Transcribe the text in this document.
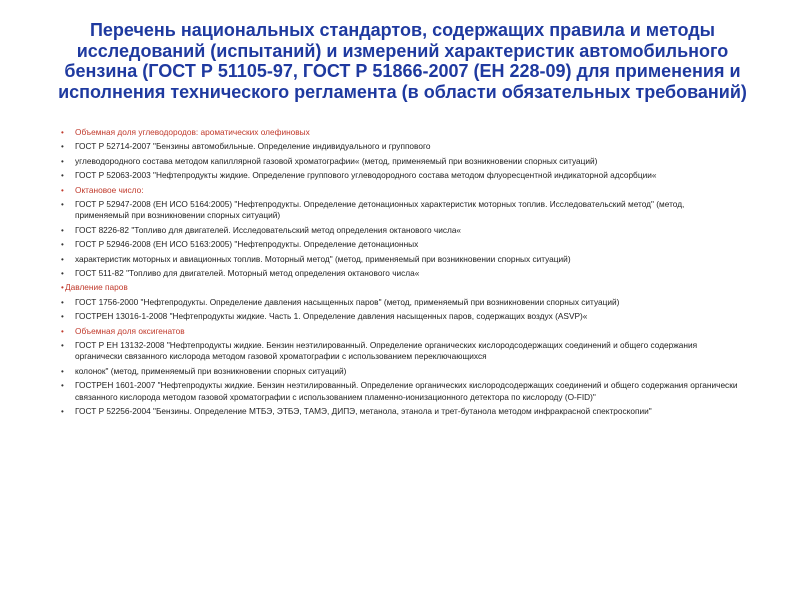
Перечень национальных стандартов, содержащих правила и методы исследований (испытаний) и измерений характеристик автомобильного бензина (ГОСТ Р 51105-97, ГОСТ Р 51866-2007 (ЕН 228-09) для применения и исполнения технического регламента (в области обязательных требований)
• Объемная доля углеводородов: ароматических олефиновых
• ГОСТ Р 52714-2007 "Бензины автомобильные. Определение индивидуального и группового
• углеводородного состава методом капиллярной газовой хроматографии« (метод, применяемый при возникновении спорных ситуаций)
• ГОСТ Р 52063-2003 "Нефтепродукты жидкие. Определение группового углеводородного состава методом флуоресцентной индикаторной адсорбции«
• Октановое число:
• ГОСТ Р 52947-2008 (ЕН ИСО 5164:2005) "Нефтепродукты. Определение детонационных характеристик моторных топлив. Исследовательский метод" (метод, применяемый при возникновении спорных ситуаций)
• ГОСТ 8226-82 "Топливо для двигателей. Исследовательский метод определения октанового числа«
• ГОСТ Р 52946-2008 (ЕН ИСО 5163:2005) "Нефтепродукты. Определение детонационных
• характеристик моторных и авиационных топлив. Моторный метод" (метод, применяемый при возникновении спорных ситуаций)
• ГОСТ 511-82 "Топливо для двигателей. Моторный метод определения октанового числа«
• Давление паров
• ГОСТ 1756-2000 "Нефтепродукты. Определение давления насыщенных паров" (метод, применяемый при возникновении спорных ситуаций)
• ГОСТРЕН 13016-1-2008 "Нефтепродукты жидкие. Часть 1. Определение давления насыщенных паров, содержащих воздух (ASVP)«
• Объемная доля оксигенатов
• ГОСТ Р ЕН 13132-2008 "Нефтепродукты жидкие. Бензин неэтилированный. Определение органических кислородсодержащих соединений и общего содержания органически связанного кислорода методом газовой хроматографии с использованием переключающихся
• колонок" (метод, применяемый при возникновении спорных ситуаций)
• ГОСТРЕН 1601-2007 "Нефтепродукты жидкие. Бензин неэтилированный. Определение органических кислородсодержащих соединений и общего содержания органически связанного кислорода методом газовой хроматографии с использованием пламенно-ионизационного детектора по кислороду (O-FID)"
• ГОСТ Р 52256-2004 "Бензины. Определение МТБЭ, ЭТБЭ, ТАМЭ, ДИПЭ, метанола, этанола и трет-бутанола методом инфракрасной спектроскопии"
